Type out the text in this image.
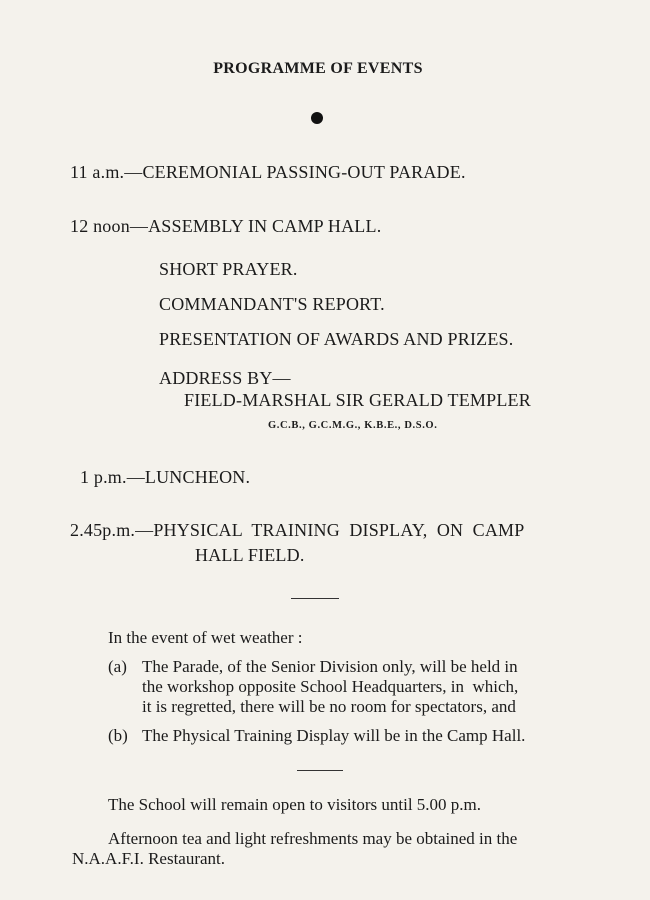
PROGRAMME OF EVENTS
11 a.m.—CEREMONIAL PASSING-OUT PARADE.
12 noon—ASSEMBLY IN CAMP HALL.
SHORT PRAYER.
COMMANDANT'S REPORT.
PRESENTATION OF AWARDS AND PRIZES.
ADDRESS BY—
FIELD-MARSHAL SIR GERALD TEMPLER
G.C.B., G.C.M.G., K.B.E., D.S.O.
1 p.m.—LUNCHEON.
2.45p.m.—PHYSICAL  TRAINING  DISPLAY,  ON  CAMP
HALL FIELD.
In the event of wet weather :
(a) The Parade, of the Senior Division only, will be held in
the workshop opposite School Headquarters, in  which,
it is regretted, there will be no room for spectators, and
(b) The Physical Training Display will be in the Camp Hall.
The School will remain open to visitors until 5.00 p.m.
Afternoon tea and light refreshments may be obtained in the
N.A.A.F.I. Restaurant.
